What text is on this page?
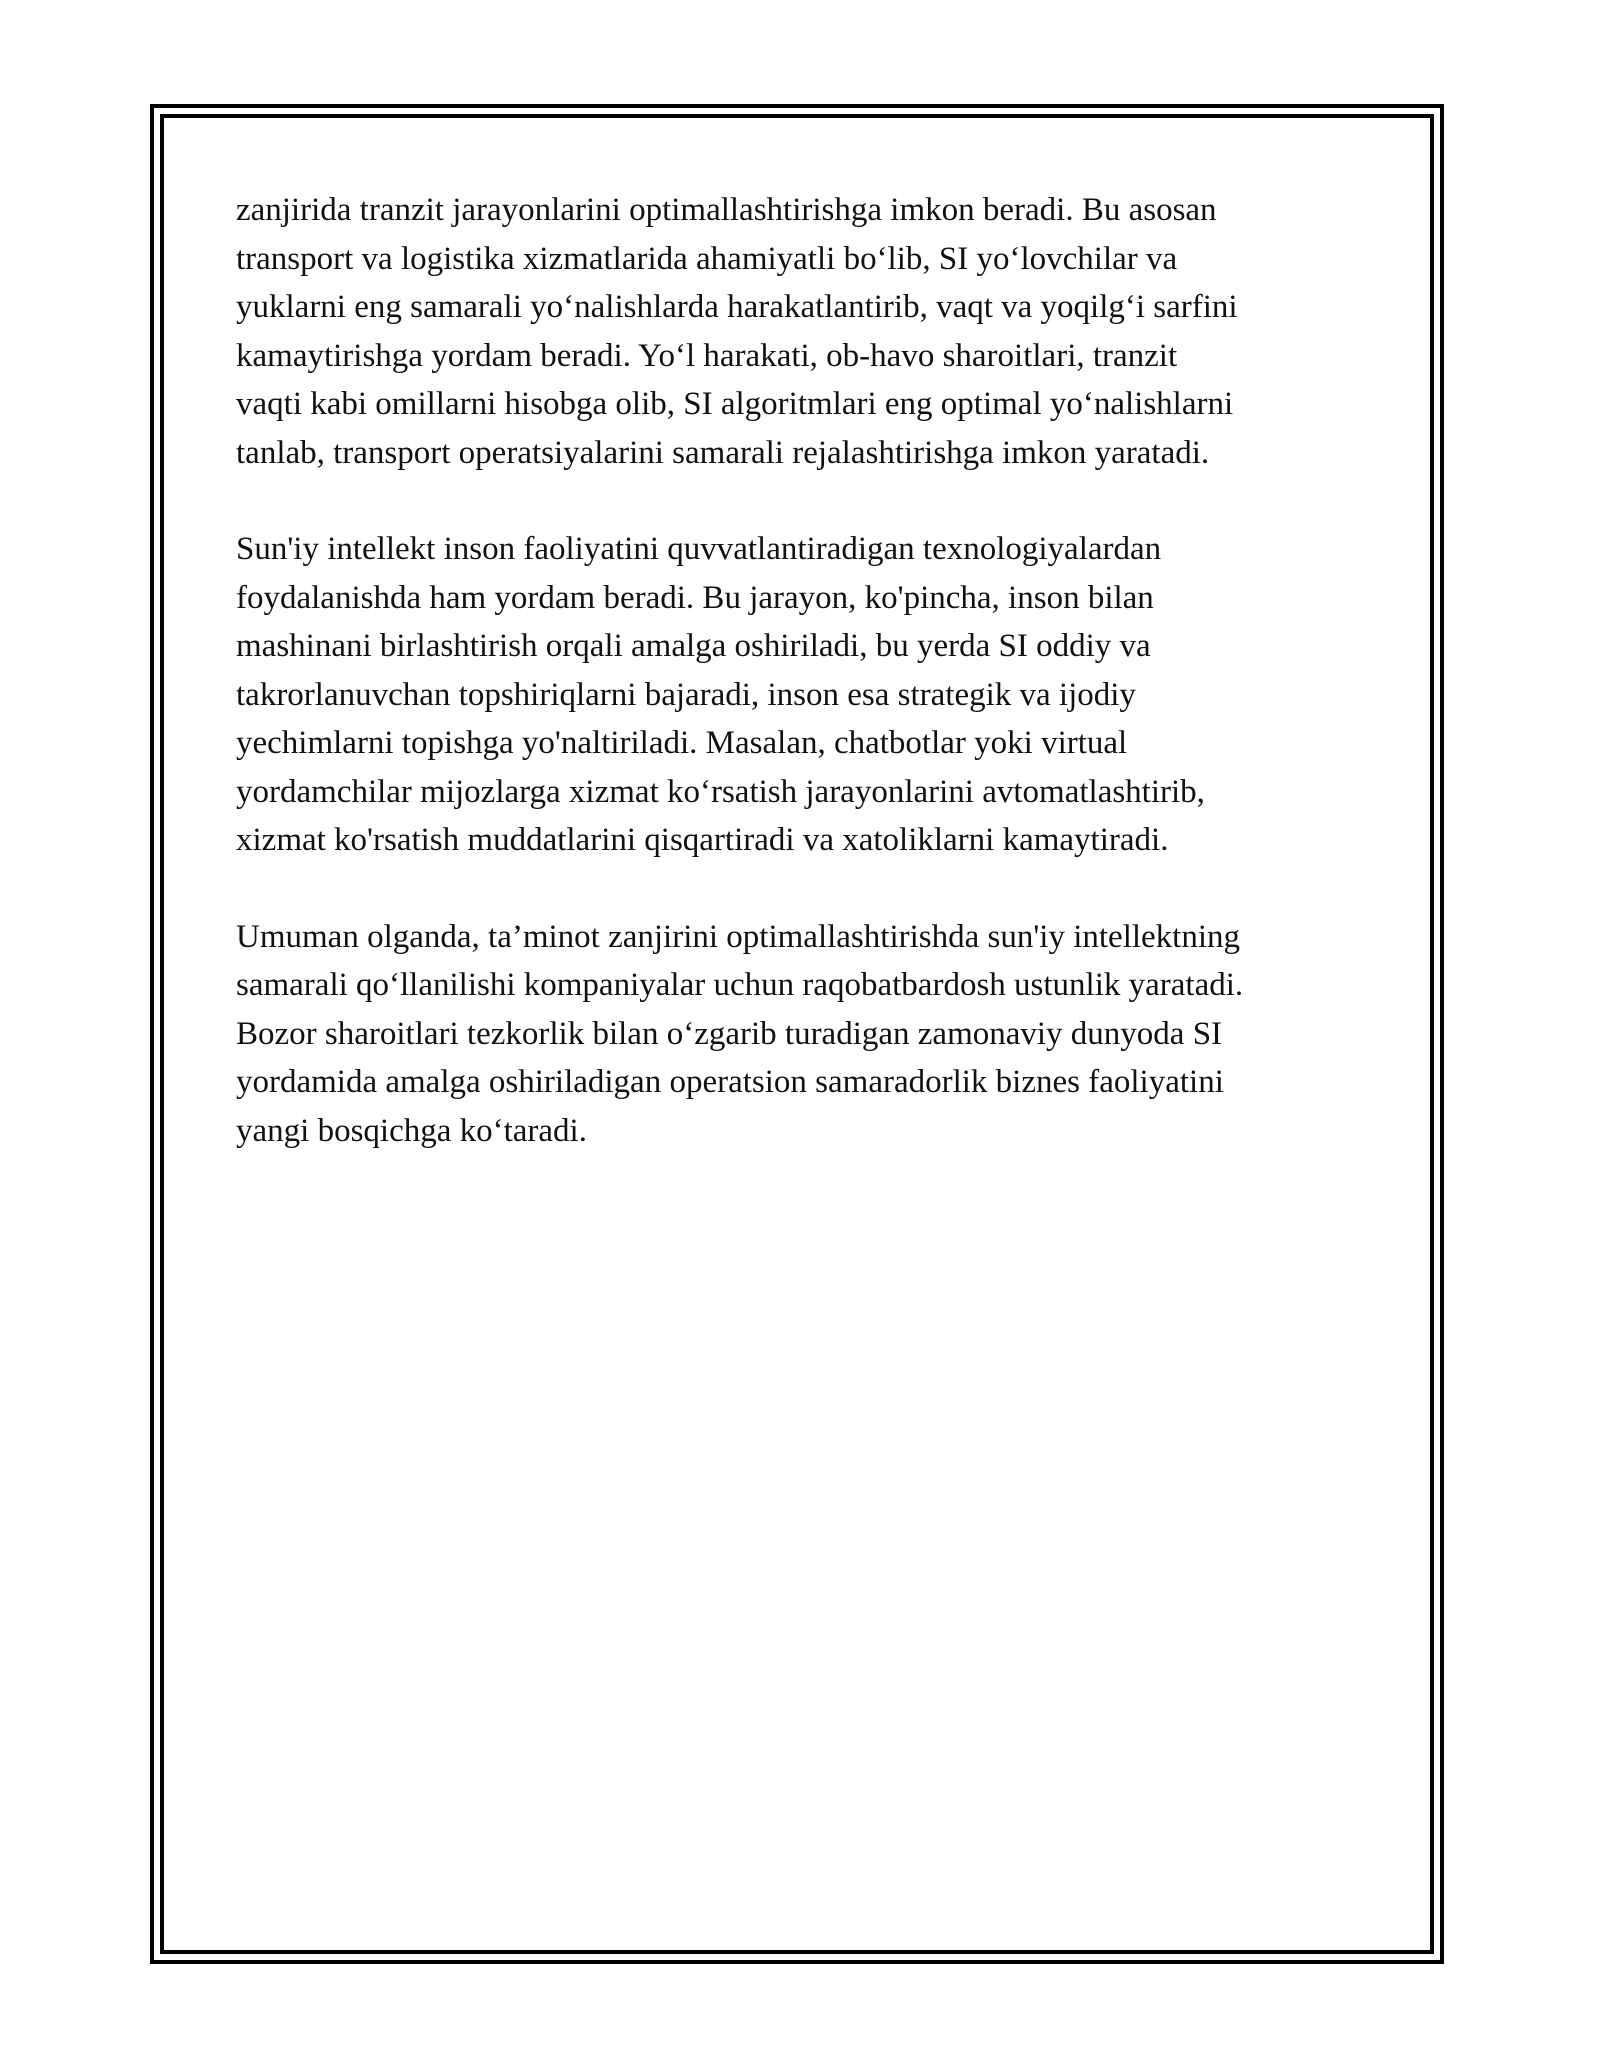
zanjirida tranzit jarayonlarini optimallashtirishga imkon beradi. Bu asosan
transport va logistika xizmatlarida ahamiyatli bo‘lib, SI yo‘lovchilar va
yuklarni eng samarali yo‘nalishlarda harakatlantirib, vaqt va yoqilg‘i sarfini
kamaytirishga yordam beradi. Yo‘l harakati, ob-havo sharoitlari, tranzit
vaqti kabi omillarni hisobga olib, SI algoritmlari eng optimal yo‘nalishlarni
tanlab, transport operatsiyalarini samarali rejalashtirishga imkon yaratadi.

Sun'iy intellekt inson faoliyatini quvvatlantiradigan texnologiyalardan
foydalanishda ham yordam beradi. Bu jarayon, ko'pincha, inson bilan
mashinani birlashtirish orqali amalga oshiriladi, bu yerda SI oddiy va
takrorlanuvchan topshiriqlarni bajaradi, inson esa strategik va ijodiy
yechimlarni topishga yo'naltiriladi. Masalan, chatbotlar yoki virtual
yordamchilar mijozlarga xizmat ko‘rsatish jarayonlarini avtomatlashtirib,
xizmat ko'rsatish muddatlarini qisqartiradi va xatoliklarni kamaytiradi.

Umuman olganda, ta’minot zanjirini optimallashtirishda sun'iy intellektning
samarali qo‘llanilishi kompaniyalar uchun raqobatbardosh ustunlik yaratadi.
Bozor sharoitlari tezkorlik bilan o‘zgarib turadigan zamonaviy dunyoda SI
yordamida amalga oshiriladigan operatsion samaradorlik biznes faoliyatini
yangi bosqichga ko‘taradi.
